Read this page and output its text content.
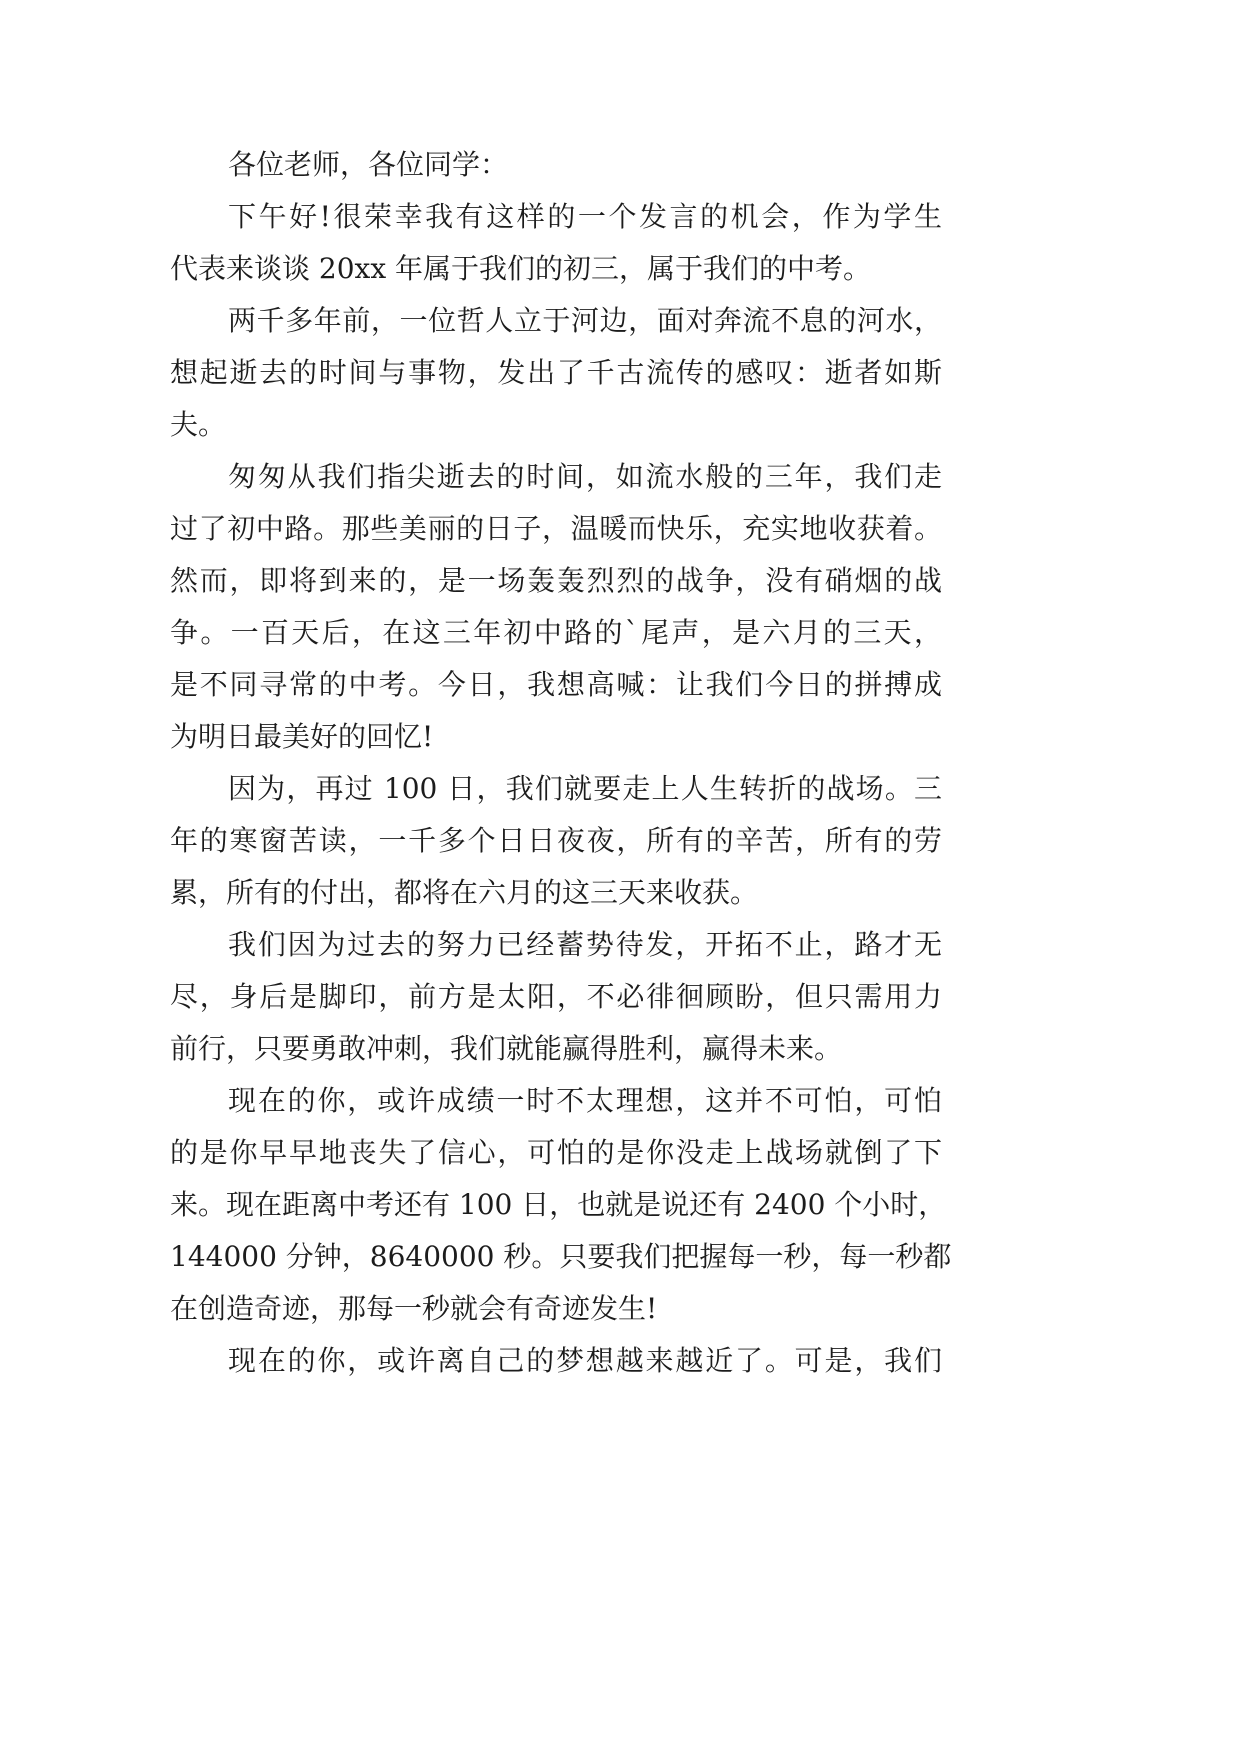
各位老师，各位同学：
下午好!很荣幸我有这样的一个发言的机会，作为学生
代表来谈谈 20xx 年属于我们的初三，属于我们的中考。
两千多年前，一位哲人立于河边，面对奔流不息的河水，
想起逝去的时间与事物，发出了千古流传的感叹：逝者如斯
夫。
匆匆从我们指尖逝去的时间，如流水般的三年，我们走
过了初中路。那些美丽的日子，温暖而快乐，充实地收获着。
然而，即将到来的，是一场轰轰烈烈的战争，没有硝烟的战
争。一百天后，在这三年初中路的`尾声，是六月的三天，
是不同寻常的中考。今日，我想高喊：让我们今日的拼搏成
为明日最美好的回忆!
因为，再过 100 日，我们就要走上人生转折的战场。三
年的寒窗苦读，一千多个日日夜夜，所有的辛苦，所有的劳
累，所有的付出，都将在六月的这三天来收获。
我们因为过去的努力已经蓄势待发，开拓不止，路才无
尽，身后是脚印，前方是太阳，不必徘徊顾盼，但只需用力
前行，只要勇敢冲刺，我们就能赢得胜利，赢得未来。
现在的你，或许成绩一时不太理想，这并不可怕，可怕
的是你早早地丧失了信心，可怕的是你没走上战场就倒了下
来。现在距离中考还有 100 日，也就是说还有 2400 个小时，
144000 分钟，8640000 秒。只要我们把握每一秒，每一秒都
在创造奇迹，那每一秒就会有奇迹发生!
现在的你，或许离自己的梦想越来越近了。可是，我们
